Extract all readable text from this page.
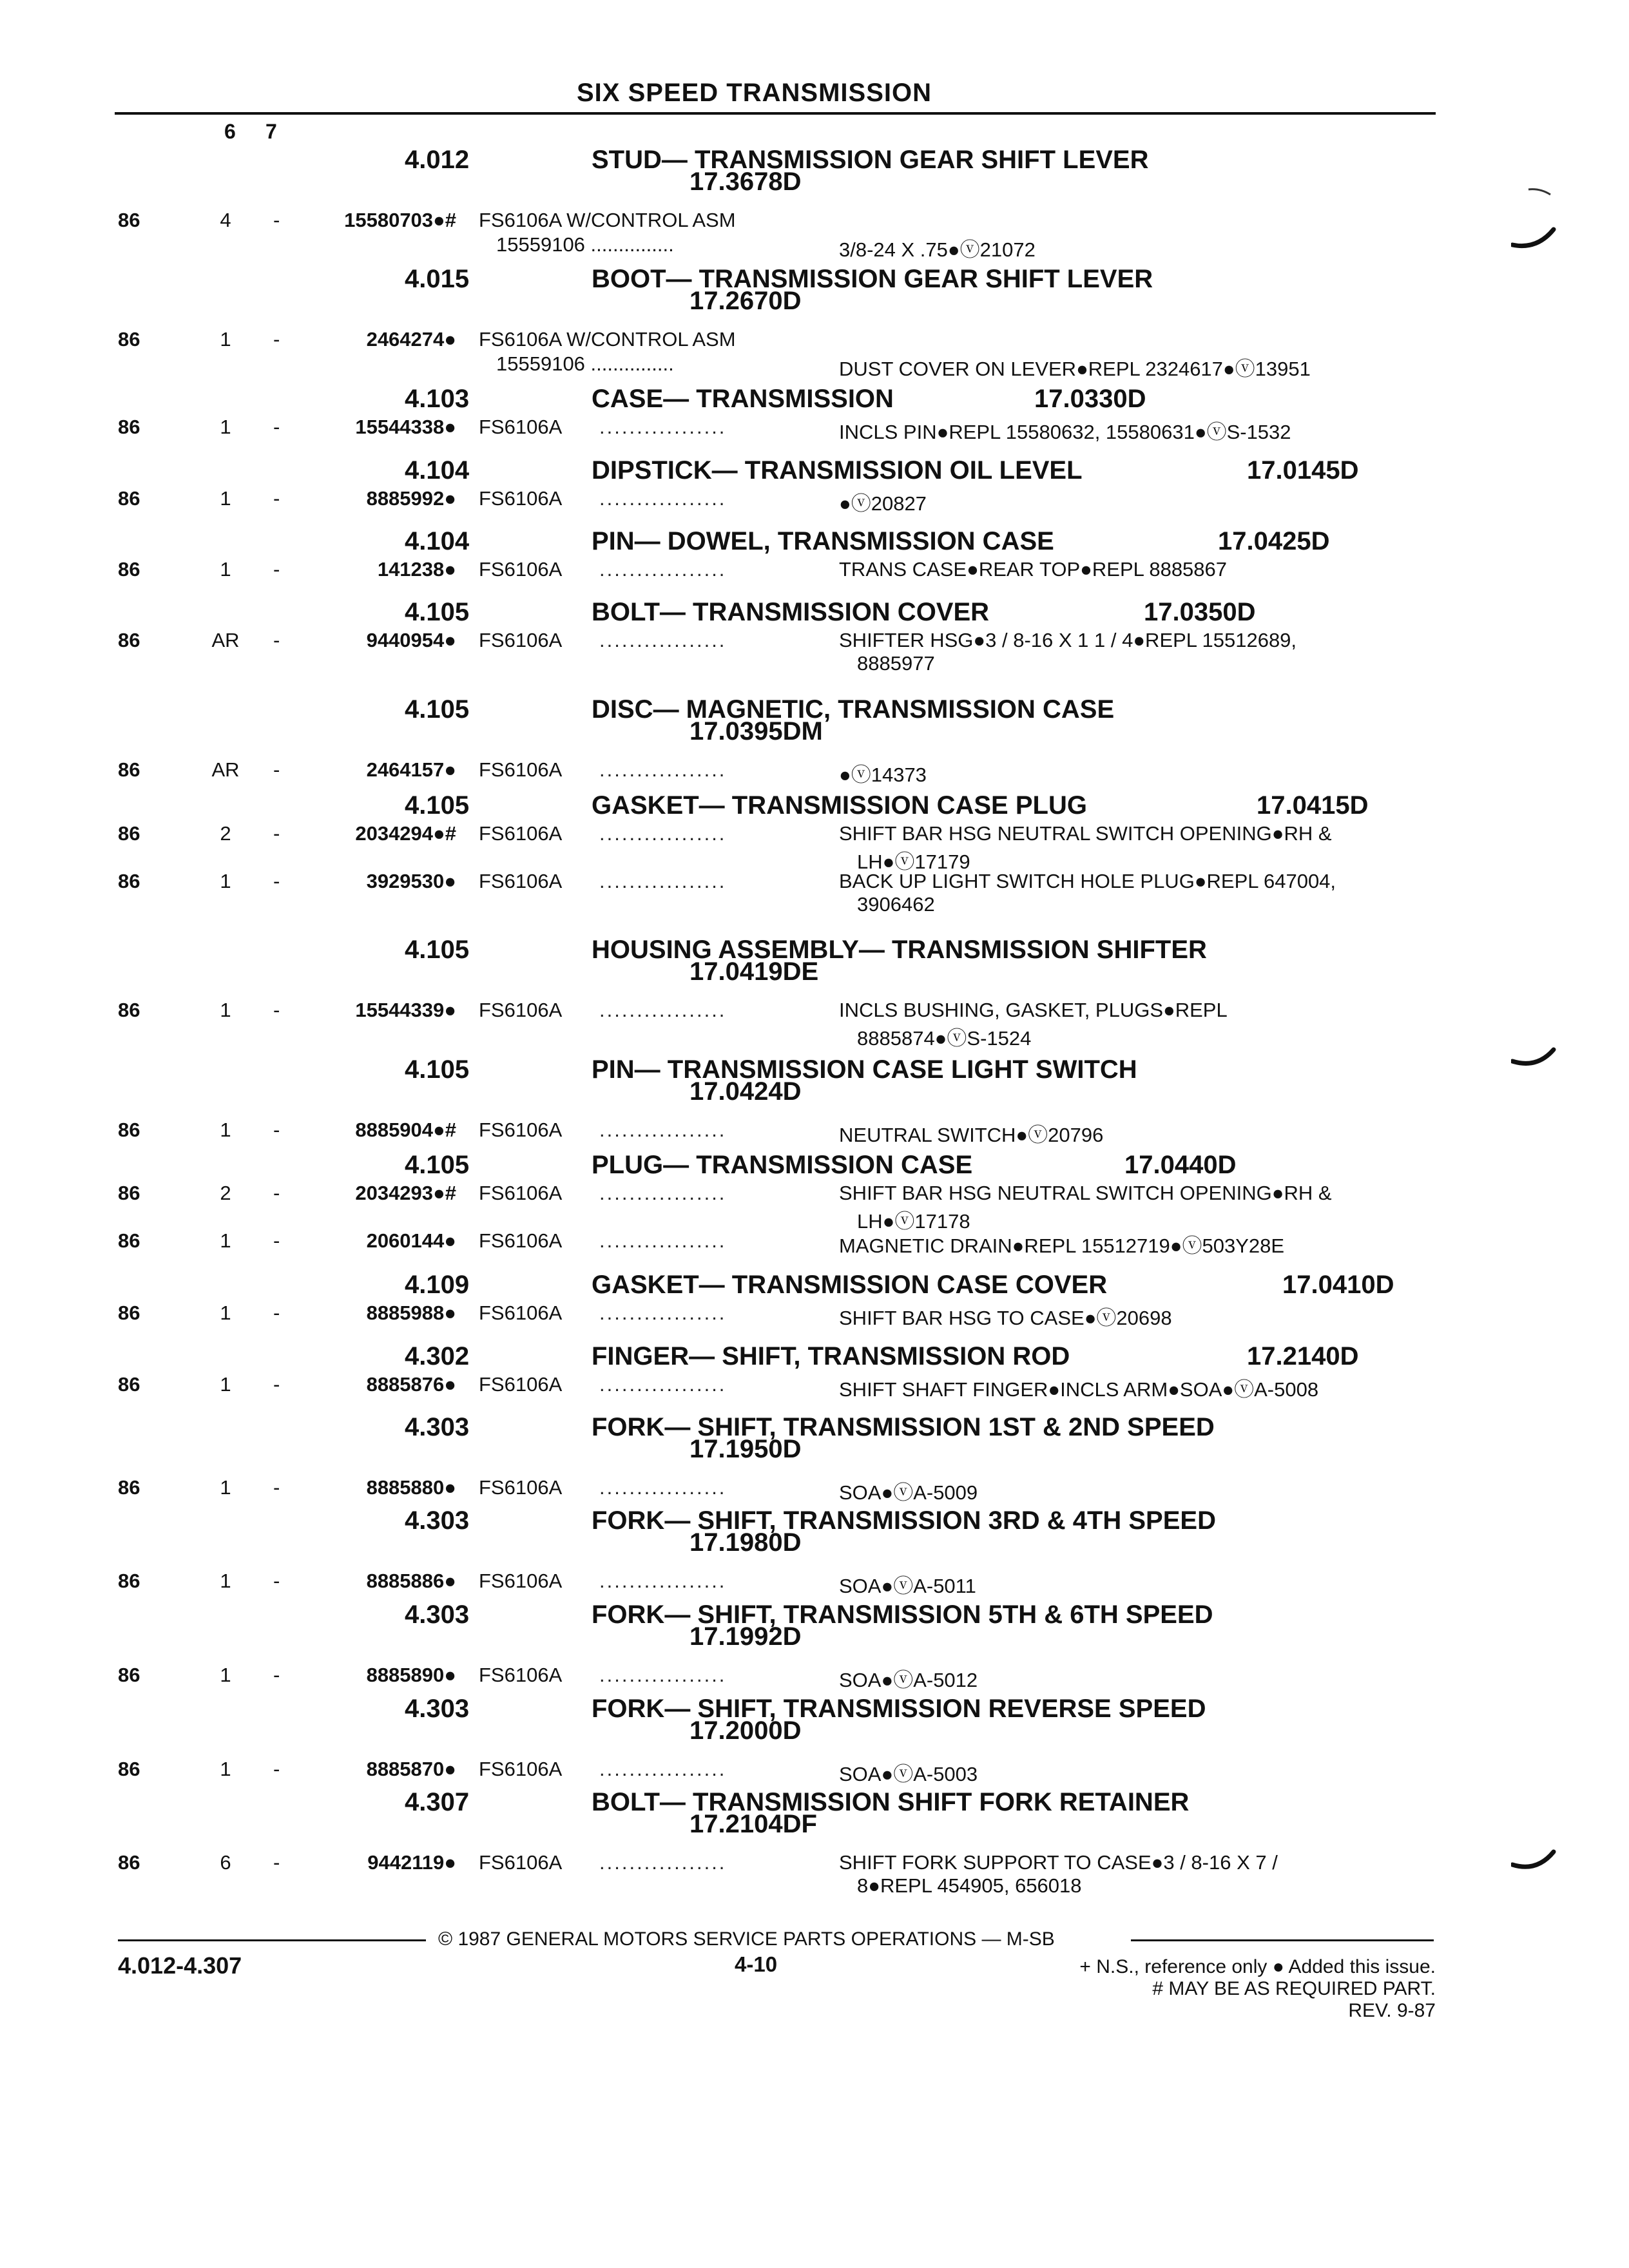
SIX SPEED TRANSMISSION
6 7
4.012	STUD— TRANSMISSION GEAR SHIFT LEVER
17.3678D
86	4	-	15580703●# FS6106A W/CONTROL ASM
15559106 ...............	3/8-24 X .75●ⓥ21072
4.015	BOOT— TRANSMISSION GEAR SHIFT LEVER
17.2670D
86	1	-	2464274● FS6106A W/CONTROL ASM
15559106 ...............	DUST COVER ON LEVER●REPL 2324617●ⓥ13951
4.103	CASE— TRANSMISSION	17.0330D
86	1	-	15544338● FS6106A .................	INCLS PIN●REPL 15580632, 15580631●ⓥS-1532
4.104	DIPSTICK— TRANSMISSION OIL LEVEL	17.0145D
86	1	-	8885992● FS6106A .................	●ⓥ20827
4.104	PIN— DOWEL, TRANSMISSION CASE	17.0425D
86	1	-	141238● FS6106A .................	TRANS CASE●REAR TOP●REPL 8885867
4.105	BOLT— TRANSMISSION COVER	17.0350D
86	AR -	9440954● FS6106A .................	SHIFTER HSG●3 / 8-16 X 1 1 / 4●REPL 15512689,
8885977
4.105	DISC— MAGNETIC, TRANSMISSION CASE
17.0395DM
86	AR -	2464157● FS6106A .................	●ⓥ14373
4.105	GASKET— TRANSMISSION CASE PLUG	17.0415D
86	2	-	2034294●# FS6106A .................	SHIFT BAR HSG NEUTRAL SWITCH OPENING●RH &
LH●ⓥ17179
86	1	-	3929530● FS6106A .................	BACK UP LIGHT SWITCH HOLE PLUG●REPL 647004,
3906462
4.105	HOUSING ASSEMBLY— TRANSMISSION SHIFTER
17.0419DE
86	1	-	15544339● FS6106A .................	INCLS BUSHING, GASKET, PLUGS●REPL
8885874●ⓥS-1524
4.105	PIN— TRANSMISSION CASE LIGHT SWITCH
17.0424D
86	1	-	8885904●# FS6106A .................	NEUTRAL SWITCH●ⓥ20796
4.105	PLUG— TRANSMISSION CASE	17.0440D
86	2	-	2034293●# FS6106A .................	SHIFT BAR HSG NEUTRAL SWITCH OPENING●RH &
LH●ⓥ17178
86	1	-	2060144● FS6106A .................	MAGNETIC DRAIN●REPL 15512719●ⓥ503Y28E
4.109	GASKET— TRANSMISSION CASE COVER	17.0410D
86	1	-	8885988● FS6106A .................	SHIFT BAR HSG TO CASE●ⓥ20698
4.302	FINGER— SHIFT, TRANSMISSION ROD	17.2140D
86	1	-	8885876● FS6106A .................	SHIFT SHAFT FINGER●INCLS ARM●SOA●ⓥA-5008
4.303	FORK— SHIFT, TRANSMISSION 1ST & 2ND SPEED
17.1950D
86	1	-	8885880● FS6106A .................	SOA●ⓥA-5009
4.303	FORK— SHIFT, TRANSMISSION 3RD & 4TH SPEED
17.1980D
86	1	-	8885886● FS6106A .................	SOA●ⓥA-5011
4.303	FORK— SHIFT, TRANSMISSION 5TH & 6TH SPEED
17.1992D
86	1	-	8885890● FS6106A .................	SOA●ⓥA-5012
4.303	FORK— SHIFT, TRANSMISSION REVERSE SPEED
17.2000D
86	1	-	8885870● FS6106A .................	SOA●ⓥA-5003
4.307	BOLT— TRANSMISSION SHIFT FORK RETAINER
17.2104DF
86	6	-	9442119● FS6106A .................	SHIFT FORK SUPPORT TO CASE●3 / 8-16 X 7 /
8●REPL 454905, 656018
© 1987 GENERAL MOTORS SERVICE PARTS OPERATIONS — M-SB
4.012-4.307	4-10	+ N.S., reference only ● Added this issue.
# MAY BE AS REQUIRED PART.
REV. 9-87
